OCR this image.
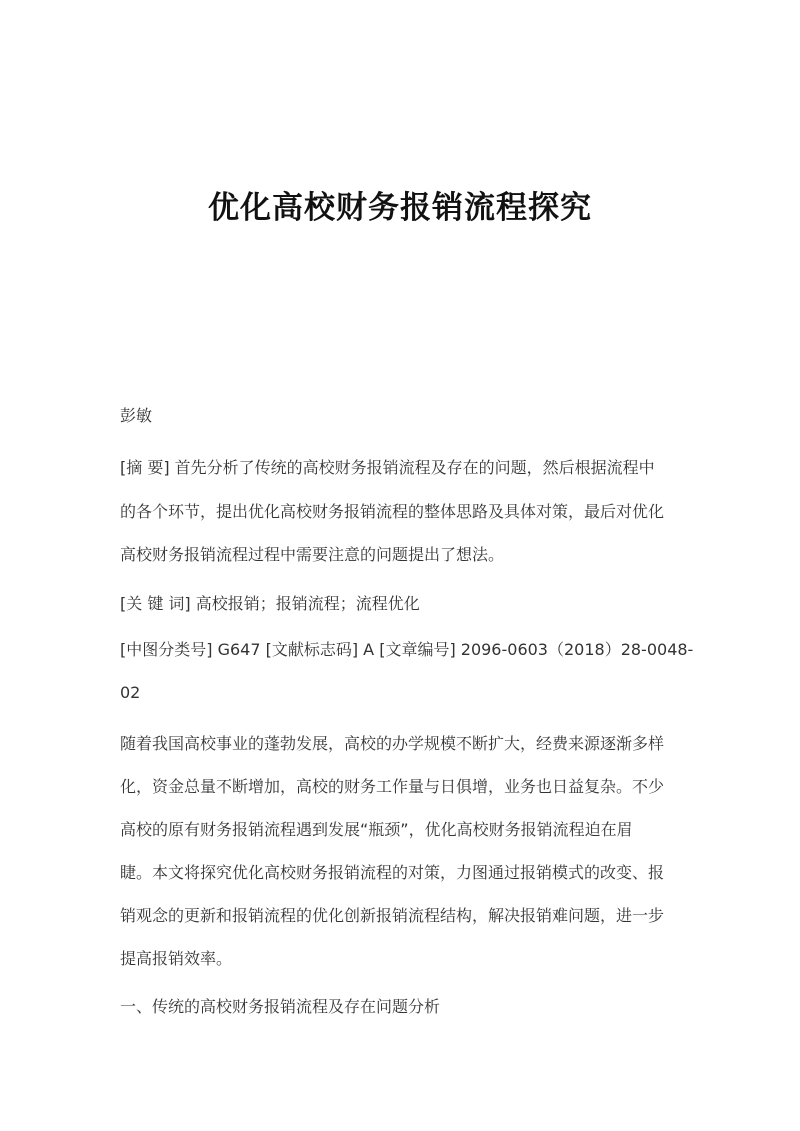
优化高校财务报销流程探究
彭敏
[摘 要] 首先分析了传统的高校财务报销流程及存在的问题，然后根据流程中
的各个环节，提出优化高校财务报销流程的整体思路及具体对策，最后对优化
高校财务报销流程过程中需要注意的问题提出了想法。
[关 键 词] 高校报销；报销流程；流程优化
[中图分类号] G647 [文献标志码] A [文章编号] 2096-0603（2018）28-0048-
02
随着我国高校事业的蓬勃发展，高校的办学规模不断扩大，经费来源逐渐多样
化，资金总量不断增加，高校的财务工作量与日俱增，业务也日益复杂。不少
高校的原有财务报销流程遇到发展“瓶颈”，优化高校财务报销流程迫在眉
睫。本文将探究优化高校财务报销流程的对策，力图通过报销模式的改变、报
销观念的更新和报销流程的优化创新报销流程结构，解决报销难问题，进一步
提高报销效率。
一、传统的高校财务报销流程及存在问题分析
